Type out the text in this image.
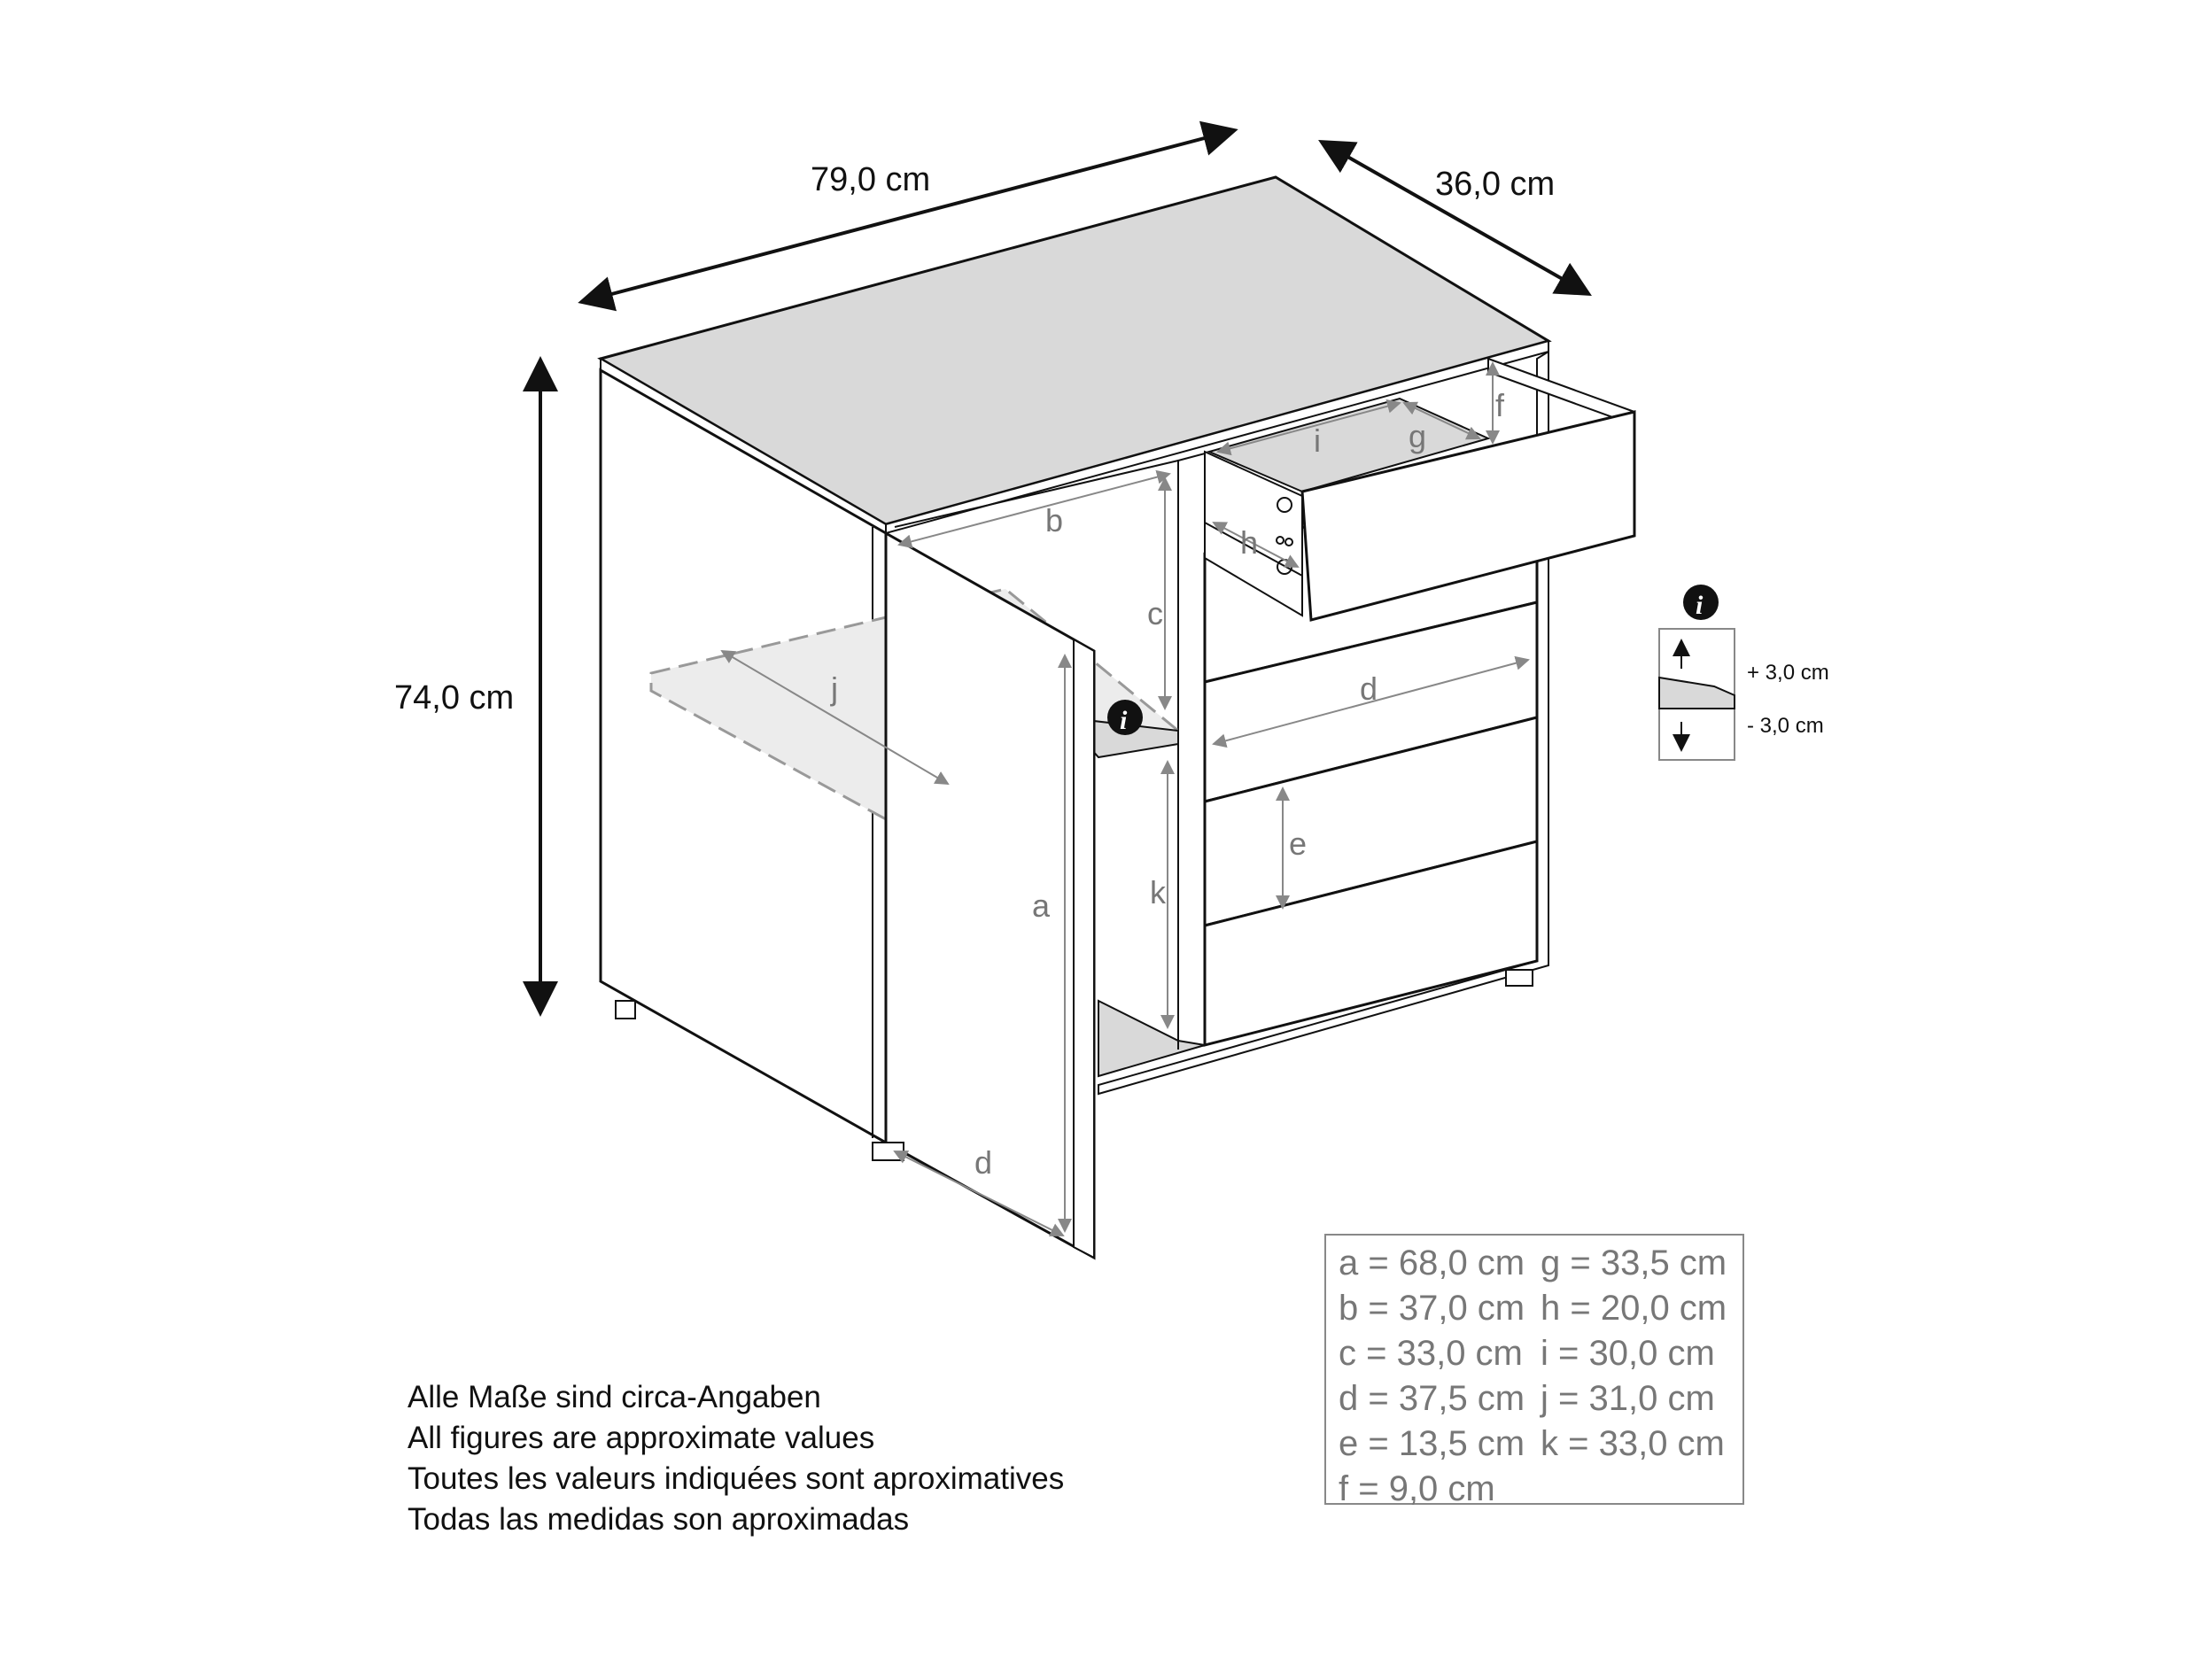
79,0 cm	36,0 cm
74,0 cm
a
b
c
d
d
e
f
g
h
i
j
k
i
i
+ 3,0 cm
- 3,0 cm
a = 68,0 cm g = 33,5 cm
b = 37,0 cm h = 20,0 cm
c = 33,0 cm i = 30,0 cm
d = 37,5 cm j = 31,0 cm
e = 13,5 cm k = 33,0 cm
f = 9,0 cm
Alle Maße sind circa-Angaben
All figures are approximate values
Toutes les valeurs indiquées sont aproximatives
Todas las medidas son aproximadas
